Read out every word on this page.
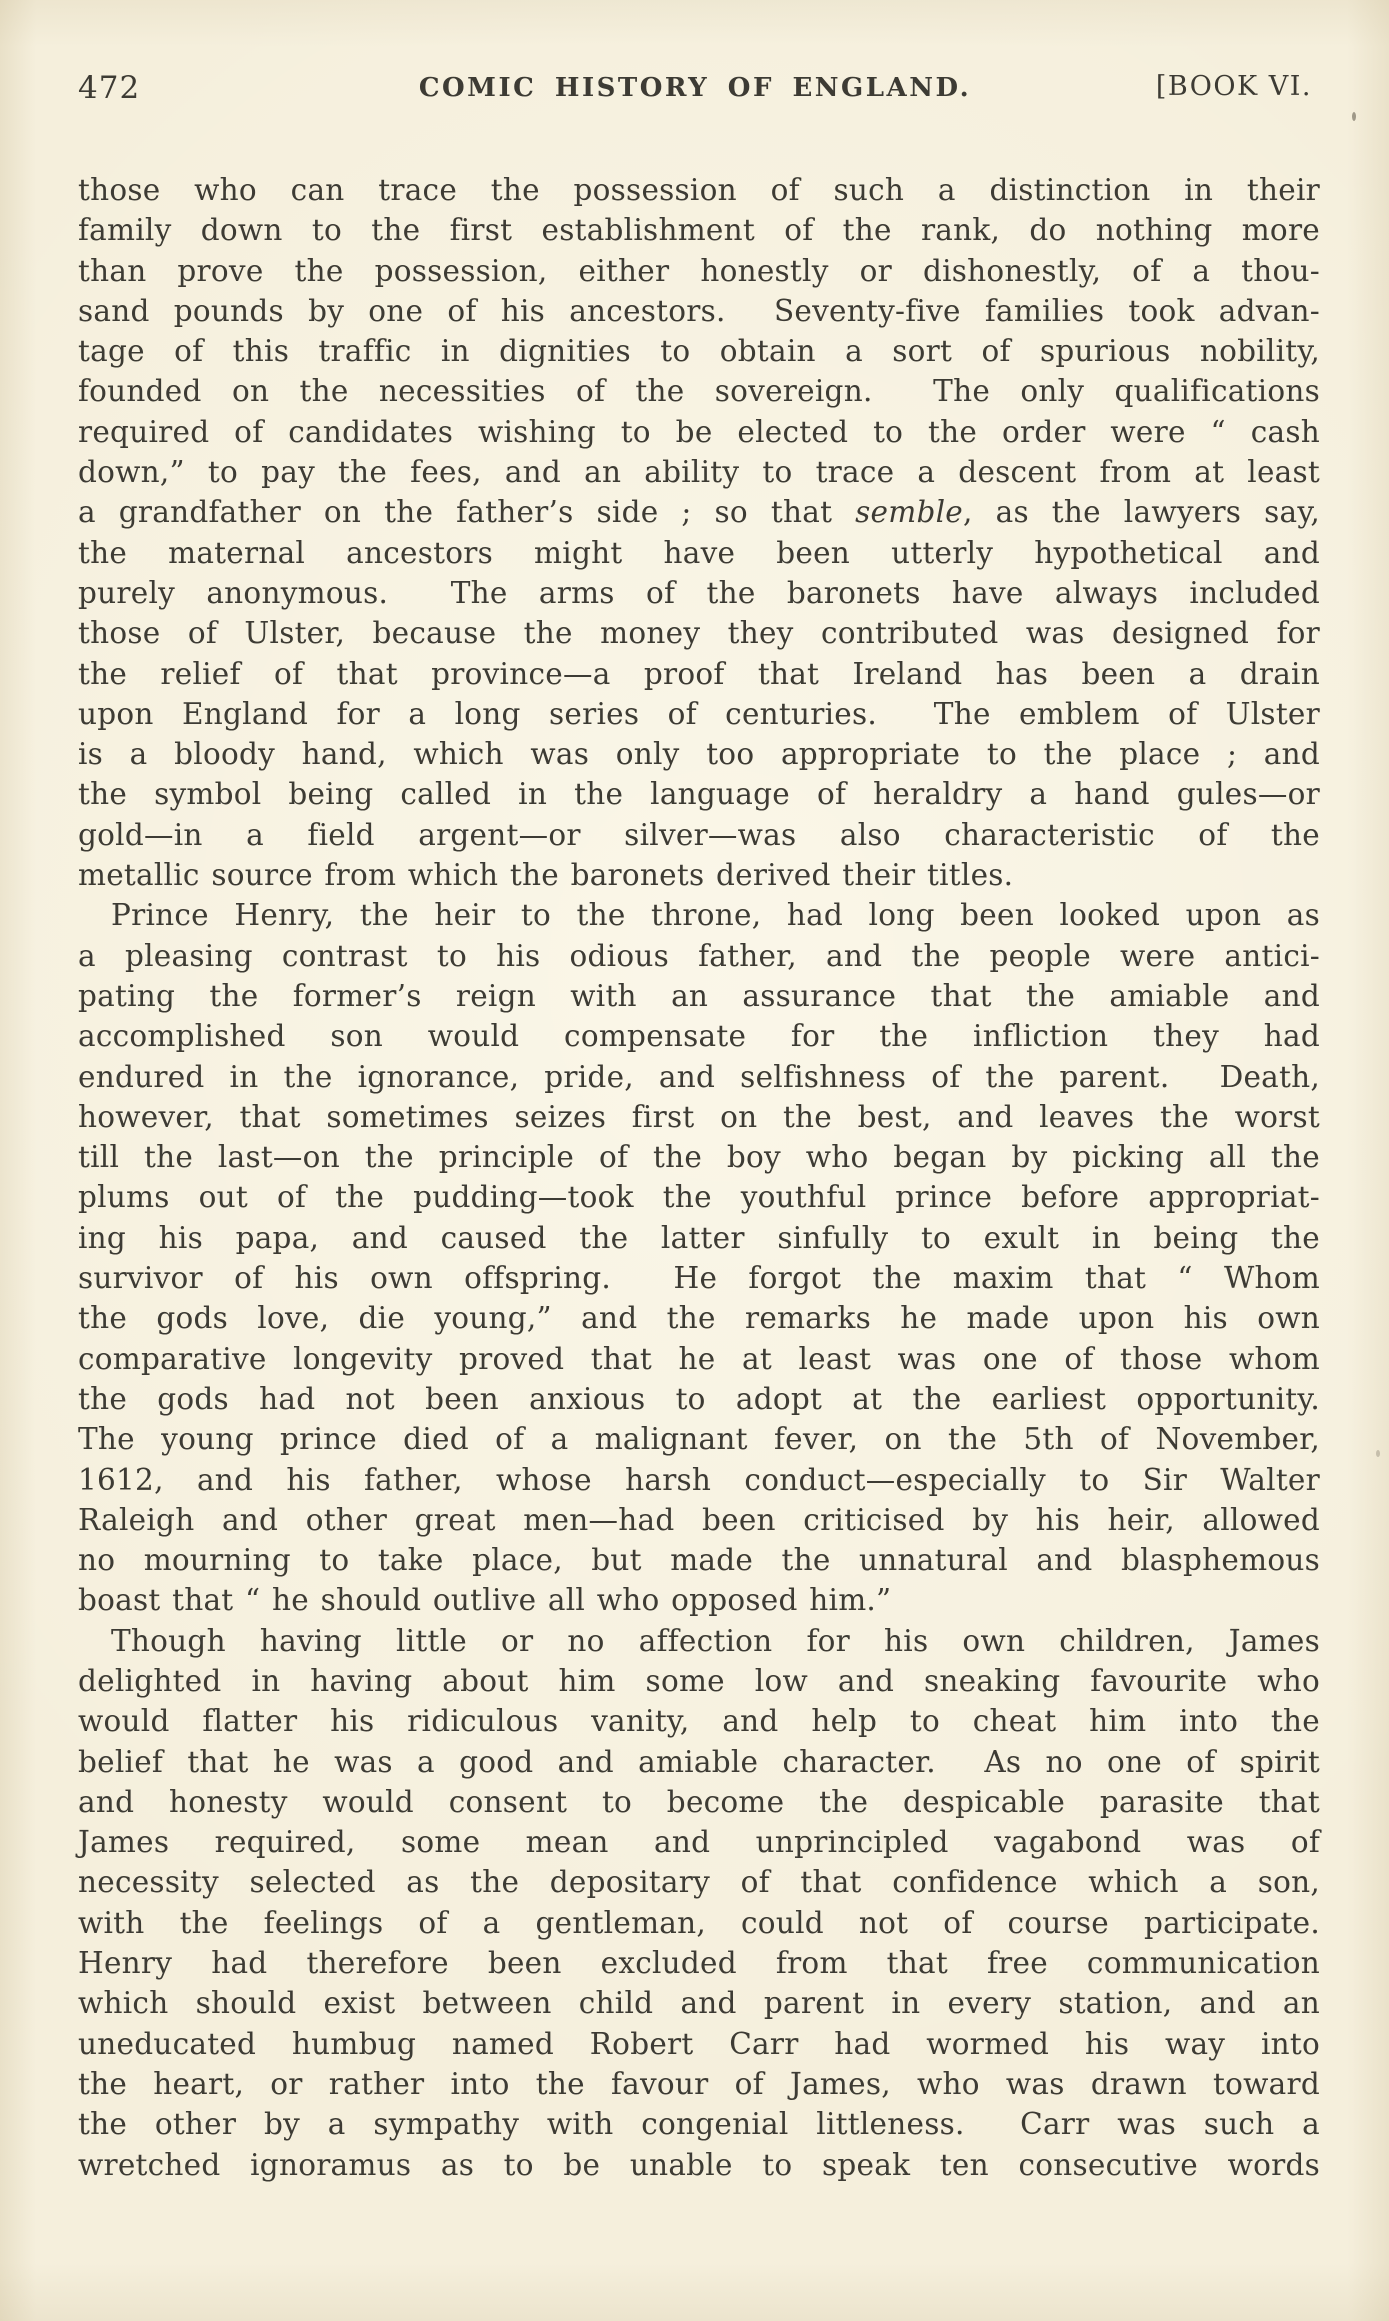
472	COMIC HISTORY OF ENGLAND.	[BOOK VI.
those who can trace the possession of such a distinction in their
family down to the first establishment of the rank, do nothing more
than prove the possession, either honestly or dishonestly, of a thou-
sand pounds by one of his ancestors.  Seventy-five families took advan-
tage of this traffic in dignities to obtain a sort of spurious nobility,
founded on the necessities of the sovereign.  The only qualifications
required of candidates wishing to be elected to the order were “ cash
down,” to pay the fees, and an ability to trace a descent from at least
a grandfather on the father’s side ; so that semble, as the lawyers say,
the maternal ancestors might have been utterly hypothetical and
purely anonymous.  The arms of the baronets have always included
those of Ulster, because the money they contributed was designed for
the relief of that province—a proof that Ireland has been a drain
upon England for a long series of centuries.  The emblem of Ulster
is a bloody hand, which was only too appropriate to the place ; and
the symbol being called in the language of heraldry a hand gules—or
gold—in a field argent—or silver—was also characteristic of the
metallic source from which the baronets derived their titles.
Prince Henry, the heir to the throne, had long been looked upon as
a pleasing contrast to his odious father, and the people were antici-
pating the former’s reign with an assurance that the amiable and
accomplished son would compensate for the infliction they had
endured in the ignorance, pride, and selfishness of the parent.  Death,
however, that sometimes seizes first on the best, and leaves the worst
till the last—on the principle of the boy who began by picking all the
plums out of the pudding—took the youthful prince before appropriat-
ing his papa, and caused the latter sinfully to exult in being the
survivor of his own offspring.  He forgot the maxim that “ Whom
the gods love, die young,” and the remarks he made upon his own
comparative longevity proved that he at least was one of those whom
the gods had not been anxious to adopt at the earliest opportunity.
The young prince died of a malignant fever, on the 5th of November,
1612, and his father, whose harsh conduct—especially to Sir Walter
Raleigh and other great men—had been criticised by his heir, allowed
no mourning to take place, but made the unnatural and blasphemous
boast that “ he should outlive all who opposed him.”
Though having little or no affection for his own children, James
delighted in having about him some low and sneaking favourite who
would flatter his ridiculous vanity, and help to cheat him into the
belief that he was a good and amiable character.  As no one of spirit
and honesty would consent to become the despicable parasite that
James required, some mean and unprincipled vagabond was of
necessity selected as the depositary of that confidence which a son,
with the feelings of a gentleman, could not of course participate.
Henry had therefore been excluded from that free communication
which should exist between child and parent in every station, and an
uneducated humbug named Robert Carr had wormed his way into
the heart, or rather into the favour of James, who was drawn toward
the other by a sympathy with congenial littleness.  Carr was such a
wretched ignoramus as to be unable to speak ten consecutive words
